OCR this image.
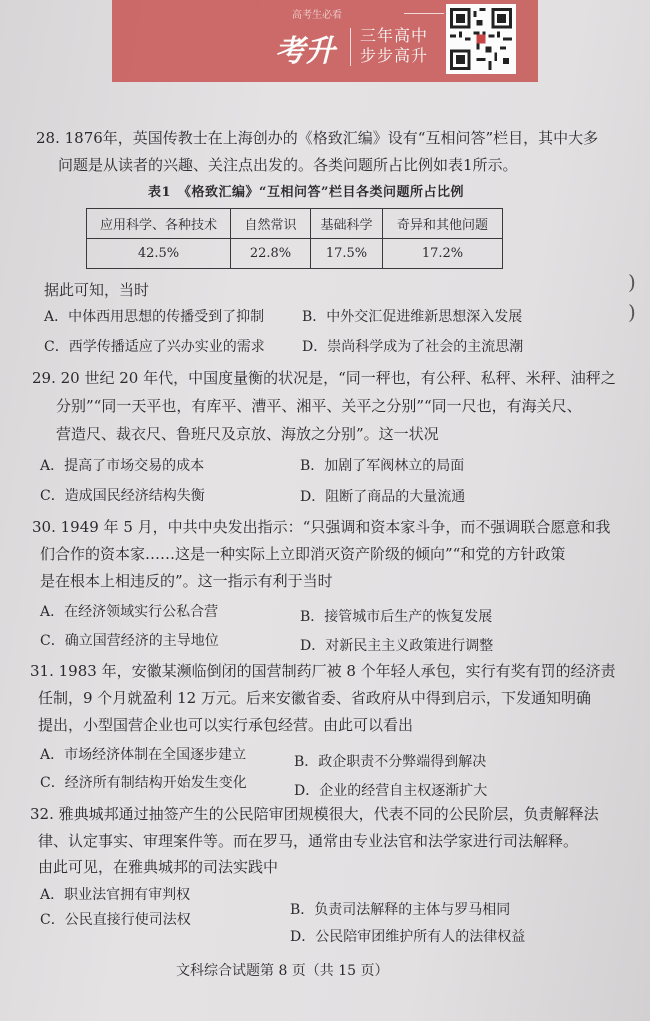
高考生必看
考升 三年高中
步步高升
28. 1876年，英国传教士在上海创办的《格致汇编》设有“互相问答”栏目，其中大多
问题是从读者的兴趣、关注点出发的。各类问题所占比例如表1所示。
表1　《格致汇编》“互相问答”栏目各类问题所占比例
应用科学、各种技术	自然常识	基础科学	奇异和其他问题
42.5%	22.8%	17.5%	17.2%
据此可知，当时
A．中体西用思想的传播受到了抑制	B．中外交汇促进维新思想深入发展
C．西学传播适应了兴办实业的需求	D．崇尚科学成为了社会的主流思潮
29. 20 世纪 20 年代，中国度量衡的状况是，“同一秤也，有公秤、私秤、米秤、油秤之
分别”“同一天平也，有库平、漕平、湘平、关平之分别”“同一尺也，有海关尺、
营造尺、裁衣尺、鲁班尺及京放、海放之分别”。这一状况
A．提高了市场交易的成本	B．加剧了军阀林立的局面
C．造成国民经济结构失衡	D．阻断了商品的大量流通
30. 1949 年 5 月，中共中央发出指示：“只强调和资本家斗争，而不强调联合愿意和我
们合作的资本家……这是一种实际上立即消灭资产阶级的倾向”“和党的方针政策
是在根本上相违反的”。这一指示有利于当时
A．在经济领域实行公私合营	B．接管城市后生产的恢复发展
C．确立国营经济的主导地位	D．对新民主主义政策进行调整
31. 1983 年，安徽某濒临倒闭的国营制药厂被 8 个年轻人承包，实行有奖有罚的经济责
任制，9 个月就盈利 12 万元。后来安徽省委、省政府从中得到启示，下发通知明确
提出，小型国营企业也可以实行承包经营。由此可以看出
A．市场经济体制在全国逐步建立	B．政企职责不分弊端得到解决
C．经济所有制结构开始发生变化	D．企业的经营自主权逐渐扩大
32. 雅典城邦通过抽签产生的公民陪审团规模很大，代表不同的公民阶层，负责解释法
律、认定事实、审理案件等。而在罗马，通常由专业法官和法学家进行司法解释。
由此可见，在雅典城邦的司法实践中
A．职业法官拥有审判权
B．负责司法解释的主体与罗马相同
C．公民直接行使司法权
D．公民陪审团维护所有人的法律权益
文科综合试题第 8 页（共 15 页）
)
)
